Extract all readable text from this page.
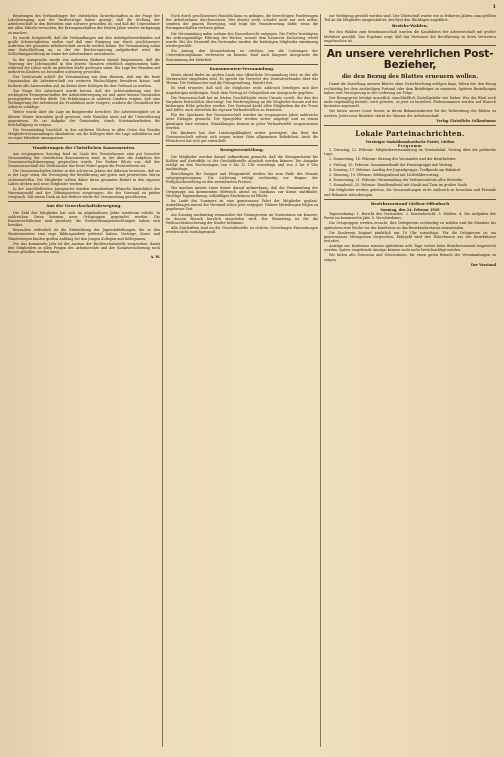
1
Beratungen des Verbandstages der christlichen Gewerkschaften in der Frage der Lohnbewegung und der Tarifverträge haben gezeigt, daß die Stellung der Arbeiterschaft in den Betrieben eine schwere geworden ist, und daß die Unternehmer mit allen Mitteln versuchen, die Errungenschaften der letzten Jahre wieder rückgängig zu machen.
Es wurde festgestellt, daß die Verhandlungen mit den Arbeitgeberverbänden auf große Schwierigkeiten stoßen und daß eine Einigung nur durch geschlossenes Auftreten der gesamten Arbeiterschaft erreicht werden könne. Die Versammlung nahm eine Entschließung an, in der die Reichsregierung aufgefordert wird, die Schlichtungsordnung im Sinne der Arbeitnehmer auszubauen.
In der Aussprache wurde von mehreren Rednern darauf hingewiesen, daß die Teuerung der Lebensmittel in den letzten Monaten erheblich zugenommen habe, während die Löhne nicht im gleichen Maße gestiegen seien. Die Lage der Familien mit mehreren Kindern sei besonders schwierig geworden.
Der Vorsitzende schloß die Versammlung mit dem Hinweis, daß nur die feste Organisation die Arbeiterschaft vor weiteren Rückschlägen bewahren könne, und forderte alle Anwesenden auf, im Kreise ihrer Kollegen für den Verband zu werben.
Zur Frage der Arbeitszeit wurde betont, daß der Achtstundentag eine der wichtigsten Errungenschaften der Arbeiterbewegung sei und unter keinen Umständen preisgegeben werden dürfe. Die Erfahrungen in anderen Ländern zeigten, daß eine Verlängerung der Arbeitszeit die Produktion nicht steigere, sondern die Gesundheit der Arbeiter schädige.
Weiter wurde über die Lage im Baugewerbe berichtet. Die Arbeitslosigkeit sei in diesem Winter besonders groß gewesen; viele Familien seien auf die Unterstützung angewiesen. Es sei Aufgabe der Gemeinden, durch Notstandsarbeiten für Beschäftigung zu sorgen.
Die Versammlung beschloß, in den nächsten Wochen in allen Orten des Bezirks Mitgliederversammlungen abzuhalten, um die Kollegen über die Lage aufzuklären und zu reger Mitarbeit anzuspornen.
Wanderungen der Christlichen Konsumenten.
Am vergangenen Sonntag fand im Saale des Vereinshauses eine gut besuchte Versammlung der christlichen Konsumenten statt, in der über die Aufgaben der Genossenschaftsbewegung gesprochen wurde. Der Redner führte aus, daß der Zusammenschluß der Verbraucher das beste Mittel gegen die Preistreiberei sei.
Die Genossenschaften hätten in den schweren Jahren der Inflation bewiesen, daß sie in der Lage seien, die Versorgung der Bevölkerung mit guten und preiswerten Waren sicherzustellen. Die Mitglieder sollten daher ihren gesamten Bedarf in den eigenen Läden decken und neue Mitglieder werben.
In der anschließenden Aussprache wurden verschiedene Wünsche hinsichtlich der Warenauswahl und der Öffnungszeiten vorgetragen, die der Vorstand zu prüfen versprach. Mit einem Dank an den Redner wurde die Versammlung geschlossen.
Aus der Gewerkschaftsbewegung.
Die Zahl der Mitglieder hat sich im abgelaufenen Jahre wiederum erhöht. In zahlreichen Orten konnten neue Ortsgruppen gegründet werden. Die Kassenverhältnisse sind geordnet; die Unterstützungseinrichtungen haben sich bewährt.
Besonders erfreulich ist die Entwicklung der Jugendabteilungen, die in den Wintermonaten eine rege Bildungsarbeit geleistet haben. Vorträge, Kurse und Wanderungen fanden großen Anklang bei den jungen Kollegen und Kolleginnen.
Für das kommende Jahr ist der Ausbau der Rechtsschutzstelle vorgesehen, damit den Mitgliedern in allen Fragen des Arbeitsrechts und der Sozialversicherung noch besser geholfen werden kann.
A. W.
Noch durch geschlossenes Handeln kann es gelingen, die berechtigten Forderungen der Arbeitnehmer durchzusetzen. Wer abseits steht, schadet nicht nur sich selbst, sondern der ganzen Bewegung, und trägt die Verantwortung dafür, wenn die Errungenschaften verloren gehen.
Die Versammlung nahm sodann den Kassenbericht entgegen. Die Prüfer bestätigten die ordnungsmäßige Führung der Bücher, worauf dem Kassierer Entlastung erteilt wurde. Bei der Neuwahl des Vorstandes wurden die bisherigen Mitglieder einstimmig wiedergewählt.
Ein Antrag, den Monatsbeitrag zu erhöhen, um die Leistungen der Unterstützungskasse verbessern zu können, fand nach längerer Aussprache die Zustimmung der Mehrheit.
Konsumenten-Versammlung.
Heute abend findet im großen Saale eine öffentliche Versammlung statt, zu der alle Verbraucher eingeladen sind. Es spricht ein Vertreter des Zentralverbandes über das Thema: Die Verbraucher und die Preisgestaltung. Eintritt frei.
Es wird erwartet, daß sich die Mitglieder recht zahlreich beteiligen und ihre Angehörigen mitbringen. Nach dem Vortrag ist Gelegenheit zur Aussprache gegeben.
Die Genossenschaft hat im letzten Geschäftsjahr einen Umsatz erzielt, der den des Vorjahres beträchtlich übersteigt. Die Rückvergütung an die Mitglieder konnte auf der bisherigen Höhe gehalten werden. Der Vorstand dankt allen Mitgliedern für die Treue und bittet, auch weiterhin die eigenen Verkaufsstellen zu benutzen.
Für die Sparkasse der Genossenschaft wurden im vergangenen Jahre zahlreiche neue Einlagen gemacht. Die Spargelder werden sicher angelegt und zu einem günstigen Satz verzinst. Einzahlungen können in jeder Verkaufsstelle vorgenommen werden.
Die Bäckerei hat ihre Leistungsfähigkeit weiter gesteigert; das Brot der Genossenschaft erfreut sich wegen seiner Güte allgemeiner Beliebtheit. Auch die Fleischerei hat sich gut entwickelt.
Bezugsvermittlung.
Die Mitglieder werden darauf aufmerksam gemacht, daß die Bezugsscheine für Kohlen und Kartoffeln in der Geschäftsstelle abgeholt werden können. Die Ausgabe erfolgt an den Wochentagen von 9 bis 12 Uhr vormittags und von 3 bis 6 Uhr nachmittags.
Bestellungen für Saatgut und Düngemittel werden bis zum Ende des Monats entgegengenommen. Die Lieferung erfolgt rechtzeitig vor Beginn der Frühjahrsbestellung zu den vereinbarten Preisen.
Wir machen unsere Leser ferner darauf aufmerksam, daß die Versammlung der Ortsgruppe am kommenden Mittwoch abend im Gasthaus zur Krone stattfindet. Wichtige Tagesordnung; vollzähliges Erscheinen ist Pflicht.
Im Laufe des Sommers ist eine gemeinsame Fahrt der Mitglieder geplant. Anmeldungen nimmt der Vorstand schon jetzt entgegen. Nähere Mitteilungen folgen zu gegebener Zeit.
Am Sonntag nachmittag veranstaltet der Gesangverein im Vereinshaus ein Konzert, zu dessen Besuch herzlich eingeladen wird. Der Reinertrag ist für die Weihnachtsbescherung der Kinder bestimmt.
Alle Zuschriften sind an die Geschäftsstelle zu richten. Unverlangte Einsendungen werden nicht zurückgesandt.
zur Verfügung gestellt worden sind. Der Überschuß wurde wie in früheren Jahren zum größten Teil an die Mitglieder ausgeschüttet, der Rest den Rücklagen zugeführt.
Bezirks-Wahlen.
Bei den Wahlen zum Bezirksausschuß wurden die Kandidaten der Arbeiterschaft mit großer Mehrheit gewählt. Das Ergebnis zeigt, daß das Vertrauen der Bevölkerung zu ihren Vertretern ungebrochen ist.
An unsere verehrlichen Post-Bezieher,
die den Bezug des Blattes erneuern wollen.
Damit die Zustellung unseres Blattes ohne Unterbrechung erfolgen kann, bitten wir, den Bezug rechtzeitig bei dem zuständigen Postamt oder dem Briefträger zu erneuern. Spätere Bestellungen haben eine Verzögerung in der Lieferung zur Folge.
Der Bezugspreis beträgt monatlich einschließlich Zustellgebühr wie bisher. Wer das Blatt noch nicht regelmäßig bezieht, wird gebeten, es jetzt zu bestellen. Probenummern werden auf Wunsch kostenlos zugesandt.
Wir bitten unsere Leser ferner, in ihrem Bekanntenkreise für die Verbreitung des Blattes zu werben. Jeder neue Bezieher stärkt die Stimme der Arbeiterschaft.
Verlag Christliche Volksstimme
Lokale Parteinachrichten.
Vereinigte Sozialdemokratische Partei, Gießen
Programm
1. Dienstag, 12. Februar: Mitgliederversammlung im Vereinslokal. Vortrag über die politische Lage.
2. Donnerstag, 14. Februar: Sitzung des Vorstandes und der Bezirksleiter.
3. Freitag, 15. Februar: Zusammenkunft der Frauengruppe mit Vortrag.
4. Sonntag, 17. Februar: Ausflug der Jugendgruppe. Treffpunkt am Bahnhof.
5. Dienstag, 19. Februar: Bildungsabend mit Lichtbildervortrag.
6. Donnerstag, 21. Februar: Versammlung der Vertrauensleute aller Betriebe.
7. Sonnabend, 23. Februar: Familienabend mit Musik und Tanz im großen Saale.
Die Mitglieder werden gebeten, die Veranstaltungen recht zahlreich zu besuchen und Freunde und Bekannte mitzubringen.
Bezirksvorstand Gießen-Offenbach
Sonntag, den 24. Februar 1929
Tagesordnung: 1. Bericht des Vorstandes. 2. Kassenbericht. 3. Wahlen. 4. Die Aufgaben der Partei im kommenden Jahr. 5. Verschiedenes.
Die Ortsgruppen werden ersucht, ihre Delegierten rechtzeitig zu wählen und die Mandate bis spätestens eine Woche vor der Konferenz an das Bezirkssekretariat einzusenden.
Die Konferenz beginnt pünktlich um 10 Uhr vormittags. Für die Delegierten ist ein gemeinsames Mittagessen vorgesehen. Fahrgeld wird den Teilnehmern aus der Bezirkskasse erstattet.
Anträge zur Konferenz müssen spätestens acht Tage vorher beim Bezirksvorstand eingereicht werden. Später eingehende Anträge können nicht mehr berücksichtigt werden.
Wir bitten alle Genossen und Genossinnen, für einen guten Besuch der Versammlungen zu sorgen.
Der Vorstand
